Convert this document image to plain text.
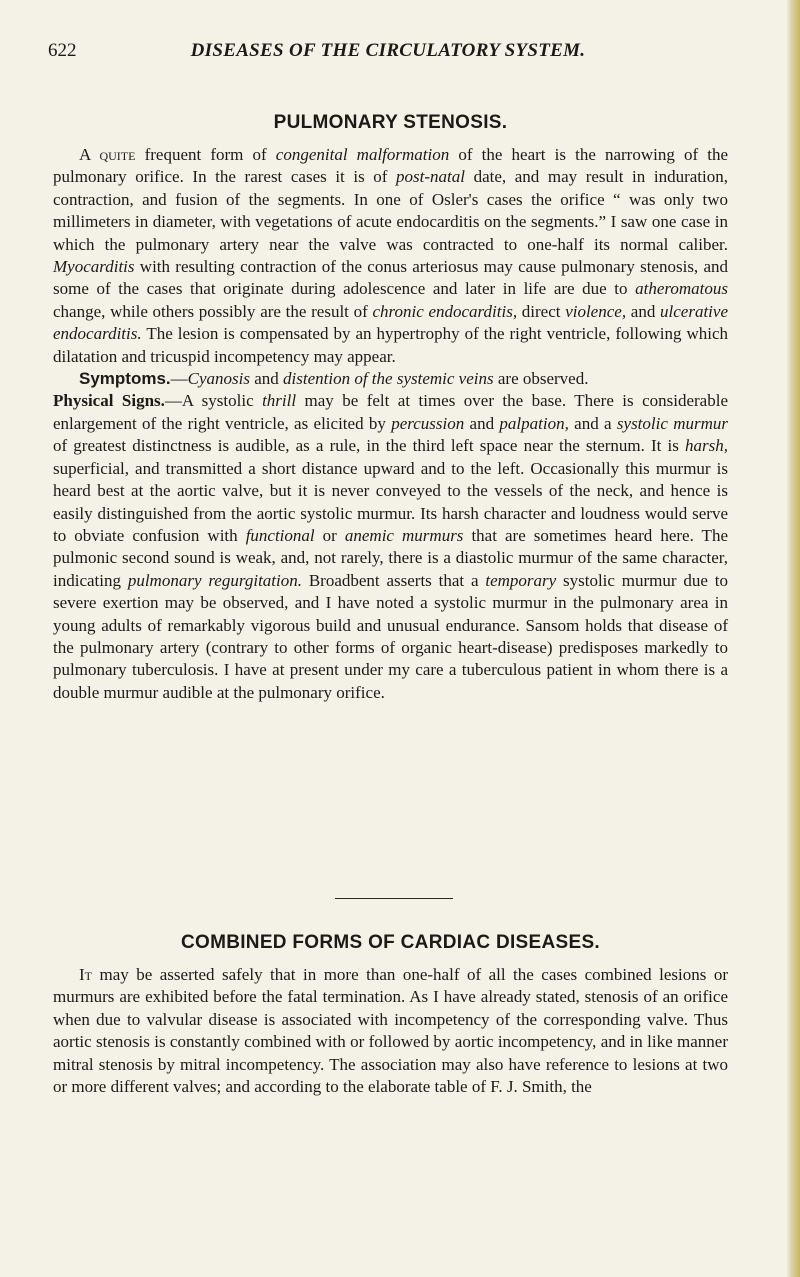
622	DISEASES OF THE CIRCULATORY SYSTEM.
PULMONARY STENOSIS.

A quite frequent form of congenital malformation of the heart is the narrowing of the pulmonary orifice. In the rarest cases it is of post-natal date, and may result in induration, contraction, and fusion of the segments. In one of Osler's cases the orifice “ was only two millimeters in diameter, with vegetations of acute endocarditis on the segments.” I saw one case in which the pulmonary artery near the valve was contracted to one-half its normal caliber. Myocarditis with resulting contraction of the conus arteriosus may cause pulmonary stenosis, and some of the cases that originate during adolescence and later in life are due to atheromatous change, while others possibly are the result of chronic endocarditis, direct violence, and ulcerative endocarditis. The lesion is compensated by an hypertrophy of the right ventricle, following which dilatation and tricuspid incompetency may appear.

Symptoms.—Cyanosis and distention of the systemic veins are observed.

Physical Signs.—A systolic thrill may be felt at times over the base. There is considerable enlargement of the right ventricle, as elicited by percussion and palpation, and a systolic murmur of greatest distinctness is audible, as a rule, in the third left space near the sternum. It is harsh, superficial, and transmitted a short distance upward and to the left. Occasionally this murmur is heard best at the aortic valve, but it is never conveyed to the vessels of the neck, and hence is easily distinguished from the aortic systolic murmur. Its harsh character and loudness would serve to obviate confusion with functional or anemic murmurs that are sometimes heard here. The pulmonic second sound is weak, and, not rarely, there is a diastolic murmur of the same character, indicating pulmonary regurgitation. Broadbent asserts that a temporary systolic murmur due to severe exertion may be observed, and I have noted a systolic murmur in the pulmonary area in young adults of remarkably vigorous build and unusual endurance. Sansom holds that disease of the pulmonary artery (contrary to other forms of organic heart-disease) predisposes markedly to pulmonary tuberculosis. I have at present under my care a tuberculous patient in whom there is a double murmur audible at the pulmonary orifice.

COMBINED FORMS OF CARDIAC DISEASES.

It may be asserted safely that in more than one-half of all the cases combined lesions or murmurs are exhibited before the fatal termination. As I have already stated, stenosis of an orifice when due to valvular disease is associated with incompetency of the corresponding valve. Thus aortic stenosis is constantly combined with or followed by aortic incompetency, and in like manner mitral stenosis by mitral incompetency. The association may also have reference to lesions at two or more different valves; and according to the elaborate table of F. J. Smith, the
